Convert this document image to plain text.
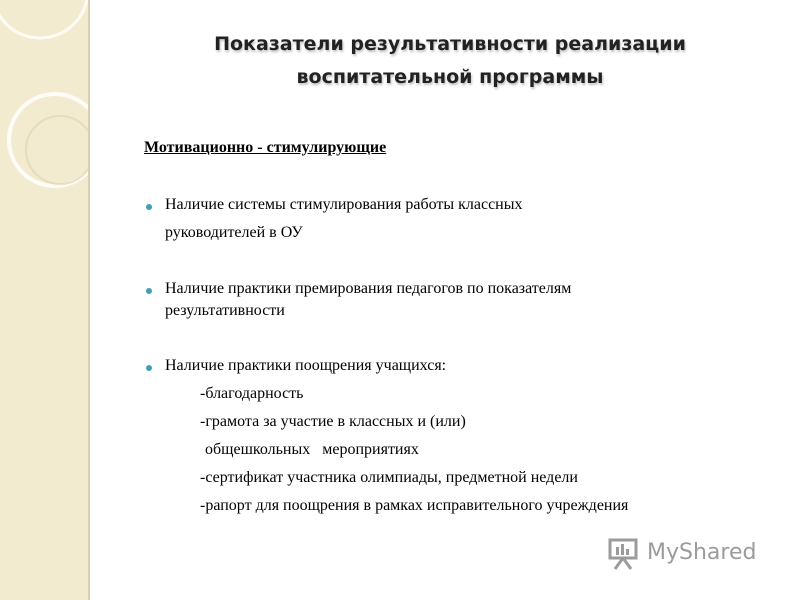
Показатели результативности реализации
воспитательной программы
Мотивационно - стимулирующие
Наличие системы стимулирования работы классных
руководителей в ОУ
Наличие практики премирования педагогов по показателям
результативности
Наличие практики поощрения учащихся:
-благодарность
-грамота за участие в классных и (или)
общешкольных   мероприятиях
-сертификат участника олимпиады, предметной недели
-рапорт для поощрения в рамках исправительного учреждения
MyShared
